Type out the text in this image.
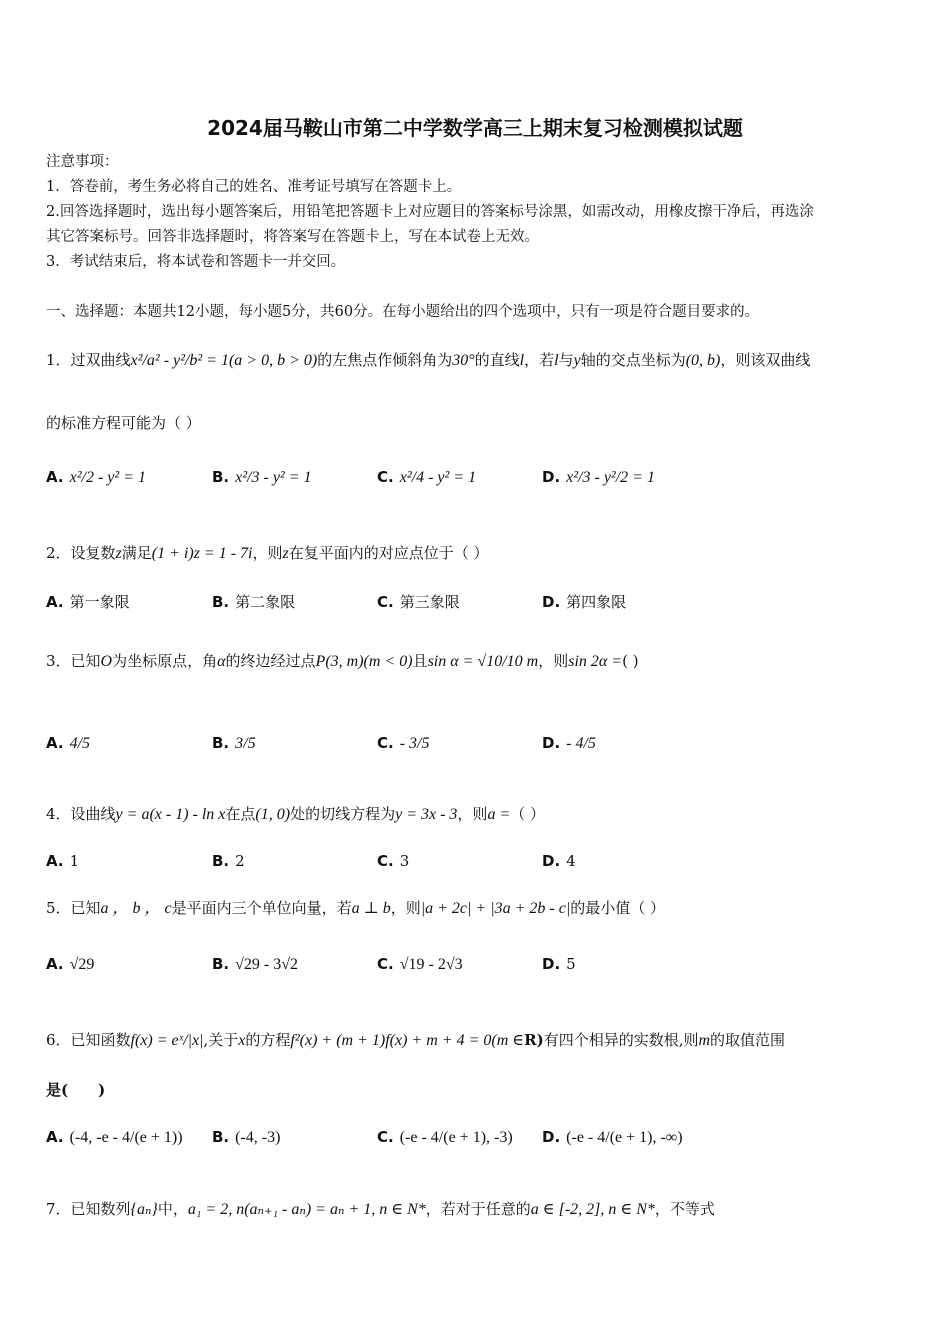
2024届马鞍山市第二中学数学高三上期末复习检测模拟试题
注意事项：
1．答卷前，考生务必将自己的姓名、准考证号填写在答题卡上。
2.回答选择题时，选出每小题答案后，用铅笔把答题卡上对应题目的答案标号涂黑，如需改动，用橡皮擦干净后，再选涂
其它答案标号。回答非选择题时，将答案写在答题卡上，写在本试卷上无效。
3．考试结束后，将本试卷和答题卡一并交回。
一、选择题：本题共12小题，每小题5分，共60分。在每小题给出的四个选项中，只有一项是符合题目要求的。
1．过双曲线x²/a² - y²/b² = 1(a > 0, b > 0)的左焦点作倾斜角为30°的直线l，若l与y轴的交点坐标为(0, b)，则该双曲线
的标准方程可能为（ ）
A. x²/2 - y² = 1	B. x²/3 - y² = 1	C. x²/4 - y² = 1	D. x²/3 - y²/2 = 1
2．设复数z满足(1 + i)z = 1 - 7i，则z在复平面内的对应点位于（ ）
A. 第一象限	B. 第二象限	C. 第三象限	D. 第四象限
3．已知O为坐标原点，角α的终边经过点P(3, m)(m < 0)且sin α = √10/10 m，则sin 2α =( )
A. 4/5	B. 3/5	C. - 3/5	D. - 4/5
4．设曲线y = a(x - 1) - ln x在点(1, 0)处的切线方程为y = 3x - 3，则a =（ ）
A. 1	B. 2	C. 3	D. 4
5．已知a ， b ， c是平面内三个单位向量，若a ⊥ b，则|a + 2c| + |3a + 2b - c|的最小值（ ）
A. √29	B. √29 - 3√2	C. √19 - 2√3	D. 5
6．已知函数f(x) = eˣ/|x|,关于x的方程f²(x) + (m + 1)f(x) + m + 4 = 0(m ∈R)有四个相异的实数根,则m的取值范围
是(　　)
A. (-4, -e - 4/(e + 1)) B. (-4, -3)	C. (-e - 4/(e + 1), -3) D. (-e - 4/(e + 1), -∞)
7．已知数列{aₙ}中，a₁ = 2, n(aₙ₊₁ - aₙ) = aₙ + 1, n ∈ N*，若对于任意的a ∈ [-2, 2], n ∈ N*，不等式
